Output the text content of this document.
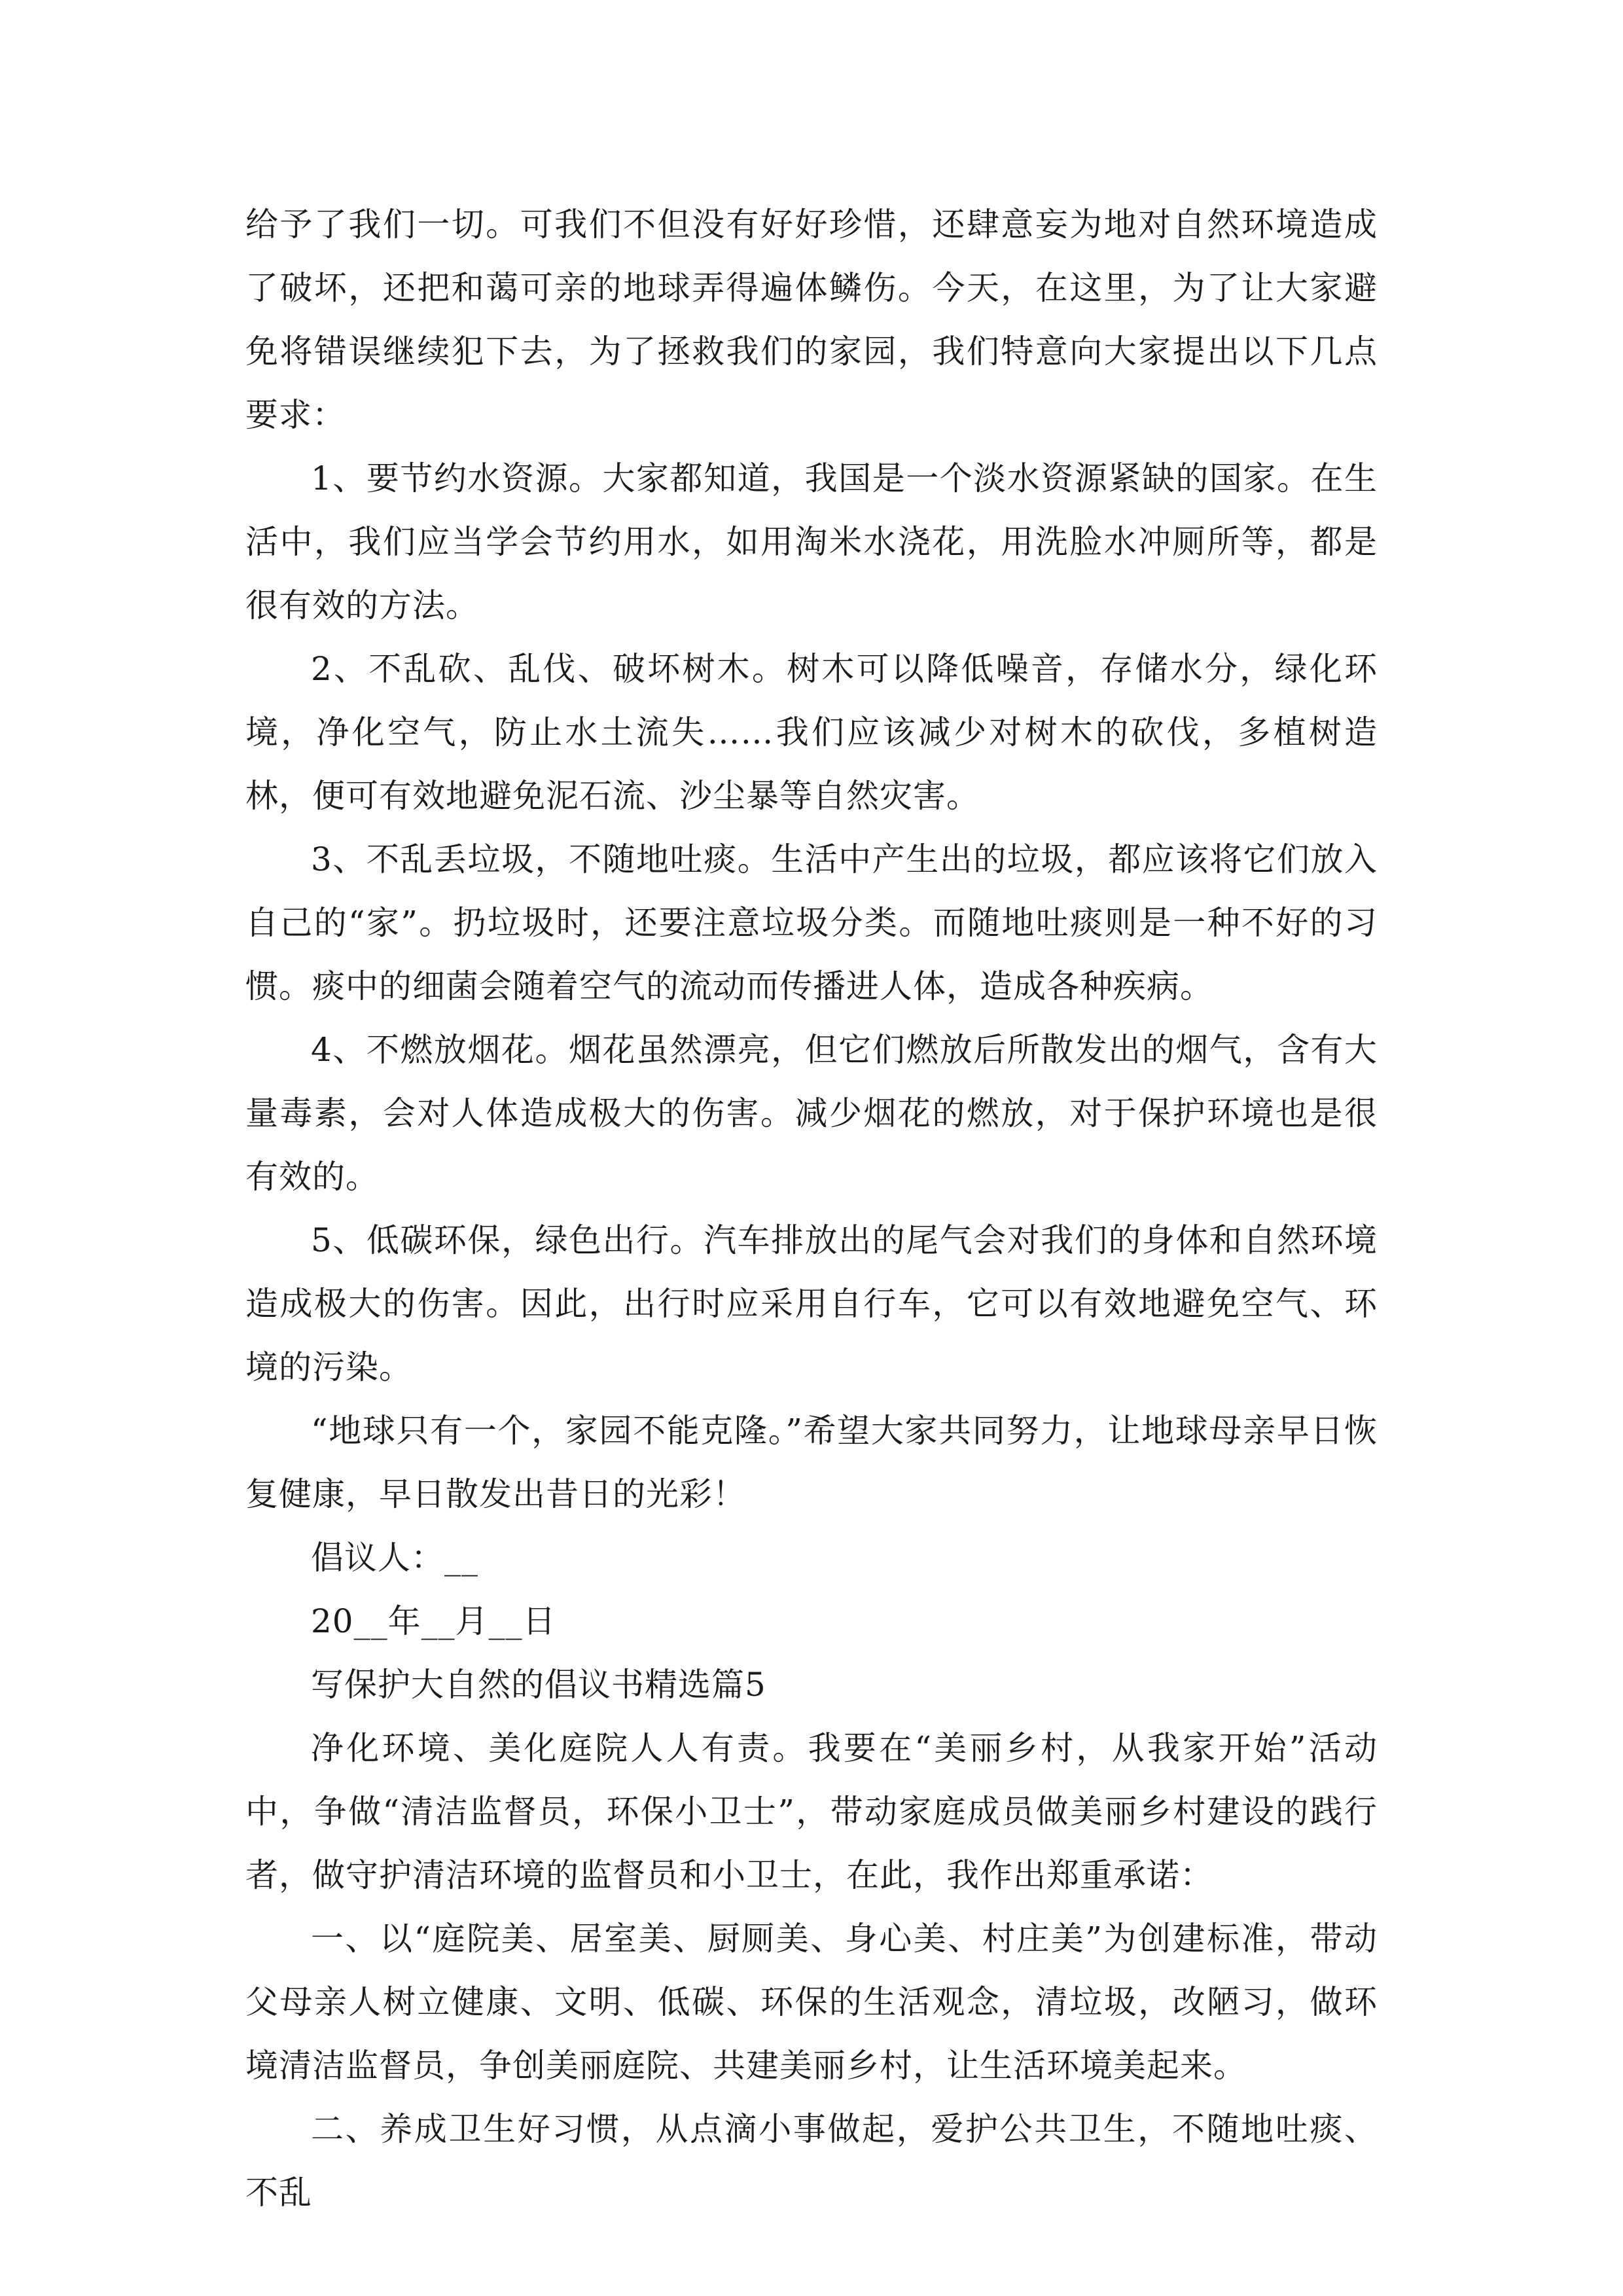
给予了我们一切。可我们不但没有好好珍惜，还肆意妄为地对自然环境造成了破坏，还把和蔼可亲的地球弄得遍体鳞伤。今天，在这里，为了让大家避免将错误继续犯下去，为了拯救我们的家园，我们特意向大家提出以下几点要求：

1、要节约水资源。大家都知道，我国是一个淡水资源紧缺的国家。在生活中，我们应当学会节约用水，如用淘米水浇花，用洗脸水冲厕所等，都是很有效的方法。

2、不乱砍、乱伐、破坏树木。树木可以降低噪音，存储水分，绿化环境，净化空气，防止水土流失……我们应该减少对树木的砍伐，多植树造林，便可有效地避免泥石流、沙尘暴等自然灾害。

3、不乱丢垃圾，不随地吐痰。生活中产生出的垃圾，都应该将它们放入自己的“家”。扔垃圾时，还要注意垃圾分类。而随地吐痰则是一种不好的习惯。痰中的细菌会随着空气的流动而传播进人体，造成各种疾病。

4、不燃放烟花。烟花虽然漂亮，但它们燃放后所散发出的烟气，含有大量毒素，会对人体造成极大的伤害。减少烟花的燃放，对于保护环境也是很有效的。

5、低碳环保，绿色出行。汽车排放出的尾气会对我们的身体和自然环境造成极大的伤害。因此，出行时应采用自行车，它可以有效地避免空气、环境的污染。

“地球只有一个，家园不能克隆。”希望大家共同努力，让地球母亲早日恢复健康，早日散发出昔日的光彩！

倡议人：__

20__年__月__日

写保护大自然的倡议书精选篇5

净化环境、美化庭院人人有责。我要在“美丽乡村，从我家开始”活动中，争做“清洁监督员，环保小卫士”，带动家庭成员做美丽乡村建设的践行者，做守护清洁环境的监督员和小卫士，在此，我作出郑重承诺：

一、以“庭院美、居室美、厨厕美、身心美、村庄美”为创建标准，带动父母亲人树立健康、文明、低碳、环保的生活观念，清垃圾，改陋习，做环境清洁监督员，争创美丽庭院、共建美丽乡村，让生活环境美起来。

二、养成卫生好习惯，从点滴小事做起，爱护公共卫生，不随地吐痰、不乱
